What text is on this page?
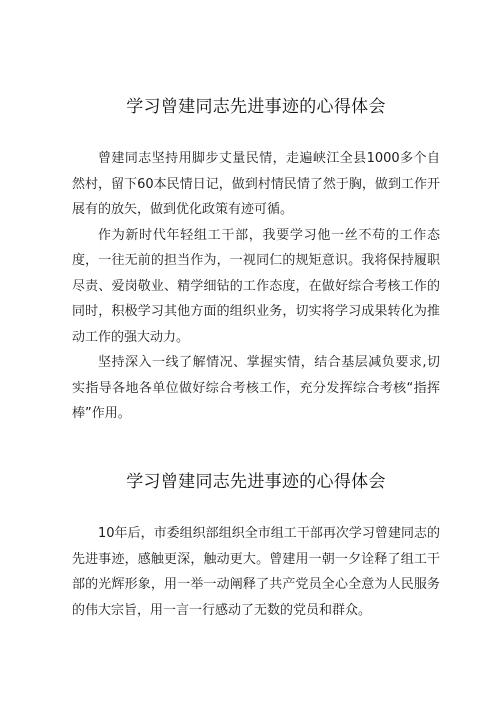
学习曾建同志先进事迹的心得体会

曾建同志坚持用脚步丈量民情，走遍峡江全县1000多个自然村，留下60本民情日记，做到村情民情了然于胸，做到工作开展有的放矢，做到优化政策有迹可循。

作为新时代年轻组工干部，我要学习他一丝不苟的工作态度，一往无前的担当作为，一视同仁的规矩意识。我将保持履职尽责、爱岗敬业、精学细钻的工作态度，在做好综合考核工作的同时，积极学习其他方面的组织业务，切实将学习成果转化为推动工作的强大动力。

坚持深入一线了解情况、掌握实情，结合基层减负要求,切实指导各地各单位做好综合考核工作，充分发挥综合考核“指挥棒”作用。

学习曾建同志先进事迹的心得体会

10年后，市委组织部组织全市组工干部再次学习曾建同志的先进事迹，感触更深，触动更大。曾建用一朝一夕诠释了组工干部的光辉形象，用一举一动阐释了共产党员全心全意为人民服务的伟大宗旨，用一言一行感动了无数的党员和群众。
